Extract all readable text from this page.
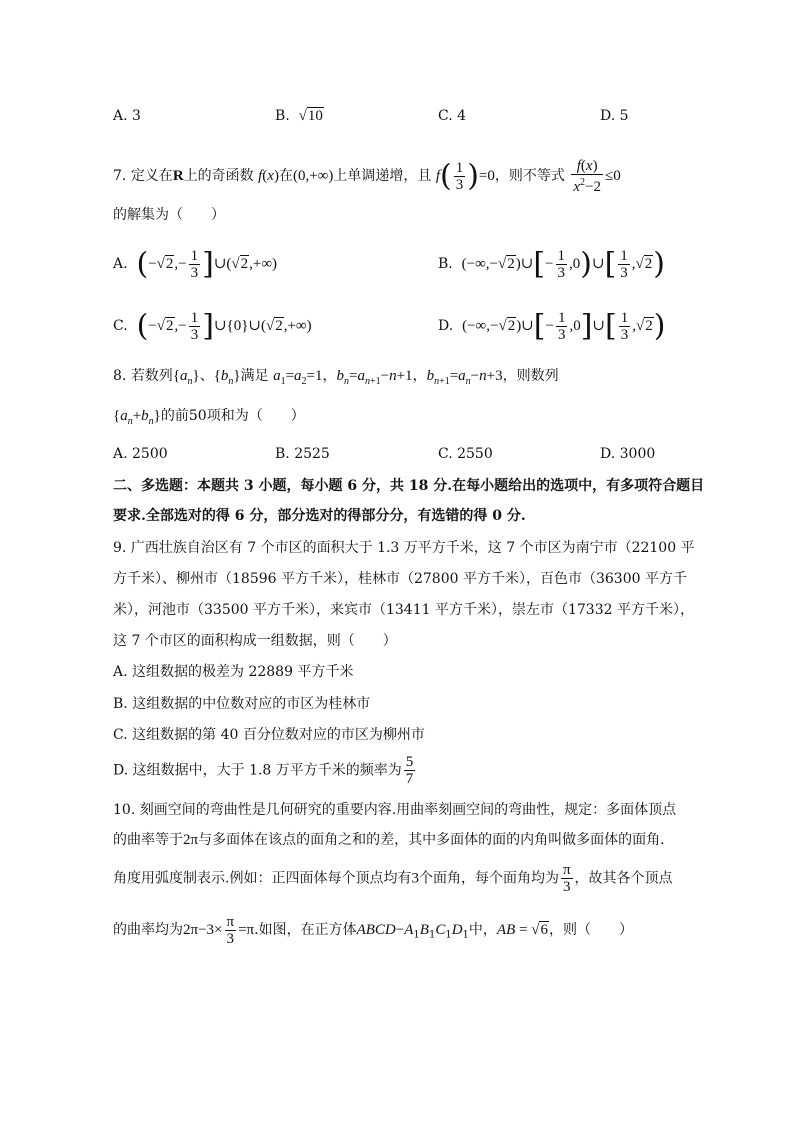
A. 3	B. √10	C. 4	D. 5
7. 定义在R上的奇函数 f(x)在(0,+∞)上单调递增，且 $f( \frac{1}{3} )=0$，则不等式 $\frac{f(x)}{x^2-2} \le 0$
的解集为（　　）
A. ($-√2,- \frac{1}{3}$ ]∪(√2,+∞)	B. (−∞,−√2)∪[− $\frac{1}{3}$ ,0)∪[ $\frac{1}{3} ,√2$)
C. ($-√2,- \frac{1}{3}$ ]∪{0}∪(√2,+∞)	D. (−∞,−√2)∪[− $\frac{1}{3}$ ,0]∪[ $\frac{1}{3} ,√2$)
8. 若数列$\{a_n\}$、$\{b_n\}$满足 $a_1=a_2=1$，$b_n=a_{n+1}-n+1$，$b_{n+1}=a_n-n+3$，则数列
$\{a_n+b_n\}$的前50项和为（　　）
A. 2500	B. 2525	C. 2550	D. 3000
二、多选题：本题共 3 小题，每小题 6 分，共 18 分.在每小题给出的选项中，有多项符合题目
要求.全部选对的得 6 分，部分选对的得部分分，有选错的得 0 分.
9. 广西壮族自治区有 7 个市区的面积大于 1.3 万平方千米，这 7 个市区为南宁市（22100 平
方千米）、柳州市（18596 平方千米），桂林市（27800 平方千米），百色市（36300 平方千
米），河池市（33500 平方千米），来宾市（13411 平方千米），崇左市（17332 平方千米），
这 7 个市区的面积构成一组数据，则（　　）
A. 这组数据的极差为 22889 平方千米
B. 这组数据的中位数对应的市区为桂林市
C. 这组数据的第 40 百分位数对应的市区为柳州市
D. 这组数据中，大于 1.8 万平方千米的频率为 $\frac{5}{7}$
10. 刻画空间的弯曲性是几何研究的重要内容.用曲率刻画空间的弯曲性，规定：多面体顶点
的曲率等于2π与多面体在该点的面角之和的差，其中多面体的面的内角叫做多面体的面角.
角度用弧度制表示.例如：正四面体每个顶点均有3个面角，每个面角均为 $\frac{\pi}{3}$ ，故其各个顶点
的曲率均为$2\pi-3\times \frac{\pi}{3} =\pi$.如图，在正方体$ABCD-A_1B_1C_1D_1$中，AB = √6，则（　　）
